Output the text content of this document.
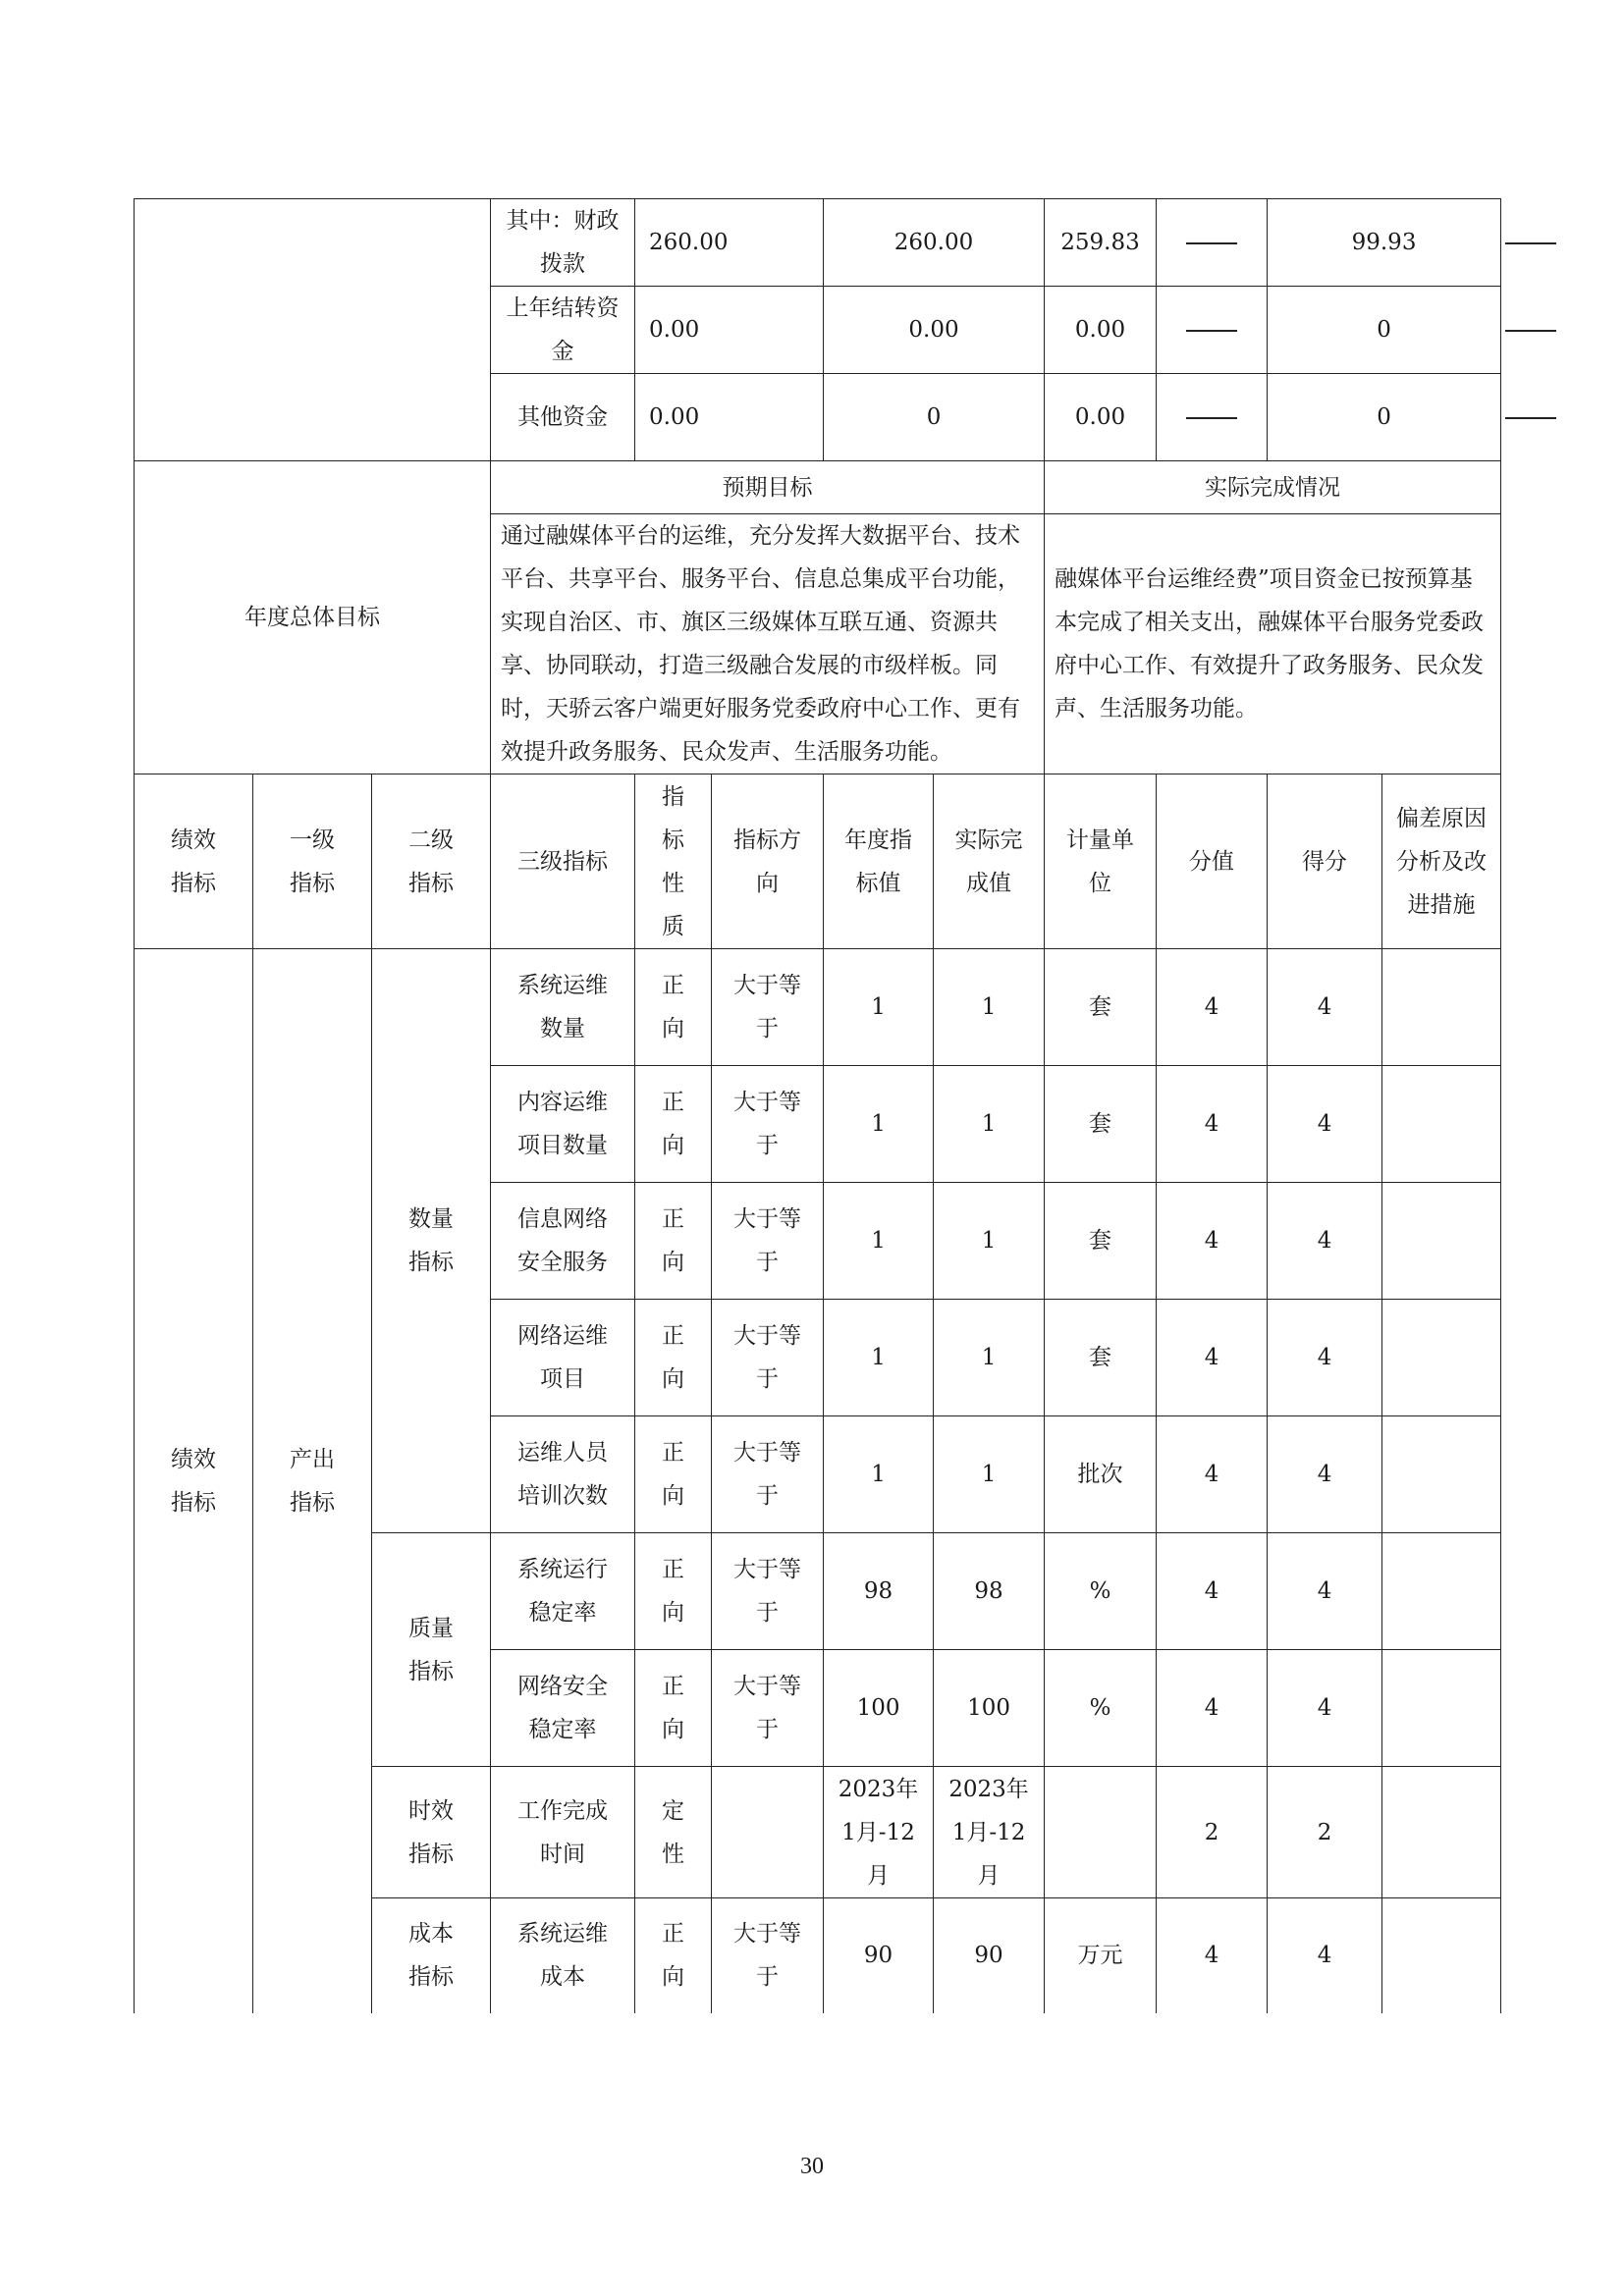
			其中：财政拨款	260.00		260.00		259.83		99.93		
			上年结转资金	0.00		0.00		0.00		0		
			其他资金	0.00		0		0.00		0		
年度总体目标			预期目标					实际完成情况				
			通过融媒体平台的运维，充分发挥大数据平台、技术平台、共享平台、服务平台、信息总集成平台功能，实现自治区、市、旗区三级媒体互联互通、资源共享、协同联动，打造三级融合发展的市级样板。同时，天骄云客户端更好服务党委政府中心工作、更有效提升政务服务、民众发声、生活服务功能。					融媒体平台运维经费”项目资金已按预算基本完成了相关支出，融媒体平台服务党委政府中心工作、有效提升了政务服务、民众发声、生活服务功能。				
绩效指标	一级指标	二级指标	三级指标	指标性质	指标方向	年度指标值	实际完成值	计量单位	分值	得分	偏差原因分析及改进措施	
绩效指标	产出指标	数量指标	系统运维数量	正向	大于等于	1	1	套	4	4		
			内容运维项目数量	正向	大于等于	1	1	套	4	4		
			信息网络安全服务	正向	大于等于	1	1	套	4	4		
			网络运维项目	正向	大于等于	1	1	套	4	4		
			运维人员培训次数	正向	大于等于	1	1	批次	4	4		
		质量指标	系统运行稳定率	正向	大于等于	98	98	%	4	4		
			网络安全稳定率	正向	大于等于	100	100	%	4	4		
		时效指标	工作完成时间	定性		2023年1月-12月	2023年1月-12月		2	2		
		成本指标	系统运维成本	正向	大于等于	90	90	万元	4	4		
30
